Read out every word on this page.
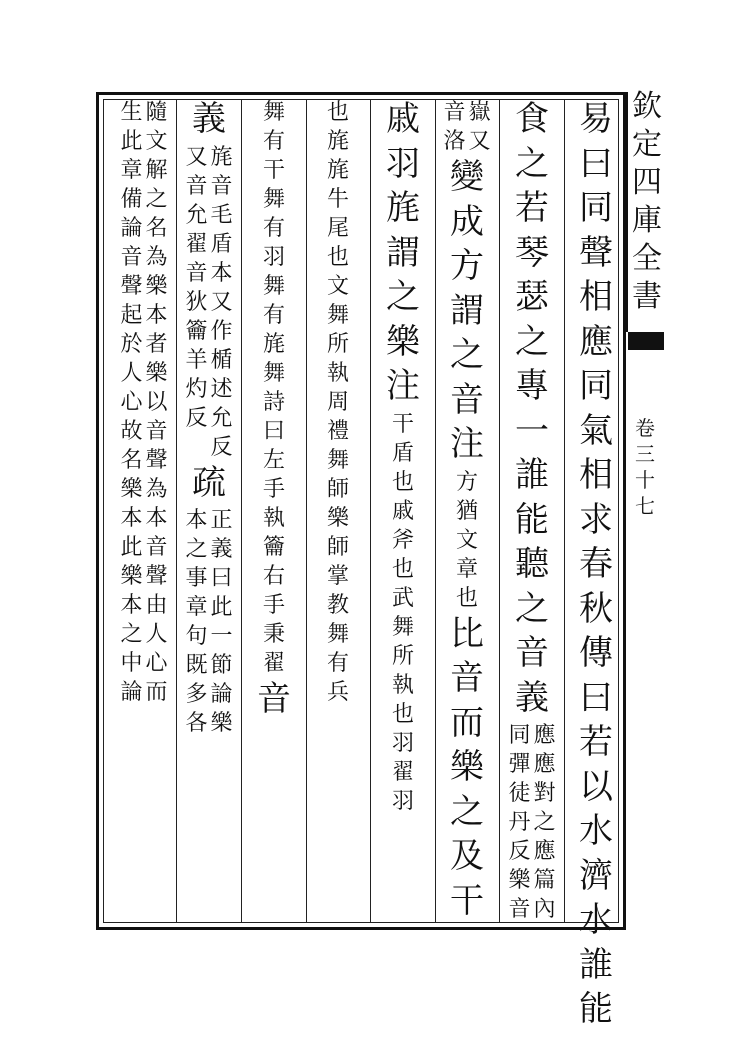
欽
定
四
庫
全
書
卷
三
十
七
易
曰
同
聲
相
應
同
氣
相
求
春
秋
傳
曰
若
以
水
濟
水
誰
能
食
之
若
琴
瑟
之
專
一
誰
能
聽
之
音
義
應
應
對
之
應
篇
內
同
彈
徒
丹
反
樂
音
嶽
又
音
洛
變
成
方
謂
之
音
注
方
猶
文
章
也
比
音
而
樂
之
及
干
戚
羽
旄
謂
之
樂
注
干
盾
也
戚
斧
也
武
舞
所
執
也
羽
翟
羽
也
旄
旄
牛
尾
也
文
舞
所
執
周
禮
舞
師
樂
師
掌
教
舞
有
兵
舞
有
干
舞
有
羽
舞
有
旄
舞
詩
曰
左
手
執
籥
右
手
秉
翟
音
義
旄
音
毛
盾
本
又
作
楯
述
允
反
又
音
允
翟
音
狄
籥
羊
灼
反
疏
正
義
曰
此
一
節
論
樂
本
之
事
章
句
既
多
各
隨
文
解
之
名
為
樂
本
者
樂
以
音
聲
為
本
音
聲
由
人
心
而
生
此
章
備
論
音
聲
起
於
人
心
故
名
樂
本
此
樂
本
之
中
論
